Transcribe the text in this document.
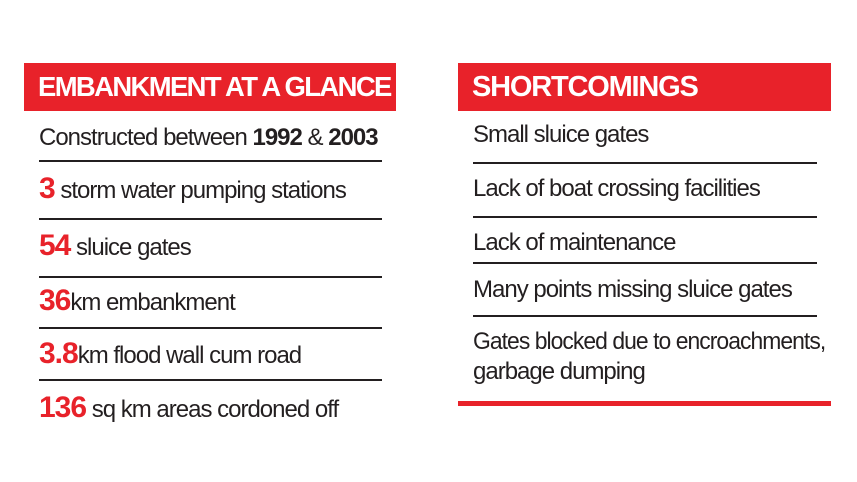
EMBANKMENT AT A GLANCE
Constructed between 1992 & 2003
3 storm water pumping stations
54 sluice gates
36km embankment
3.8km flood wall cum road
136 sq km areas cordoned off
SHORTCOMINGS
Small sluice gates
Lack of boat crossing facilities
Lack of maintenance
Many points missing sluice gates
Gates blocked due to encroachments,
garbage dumping
